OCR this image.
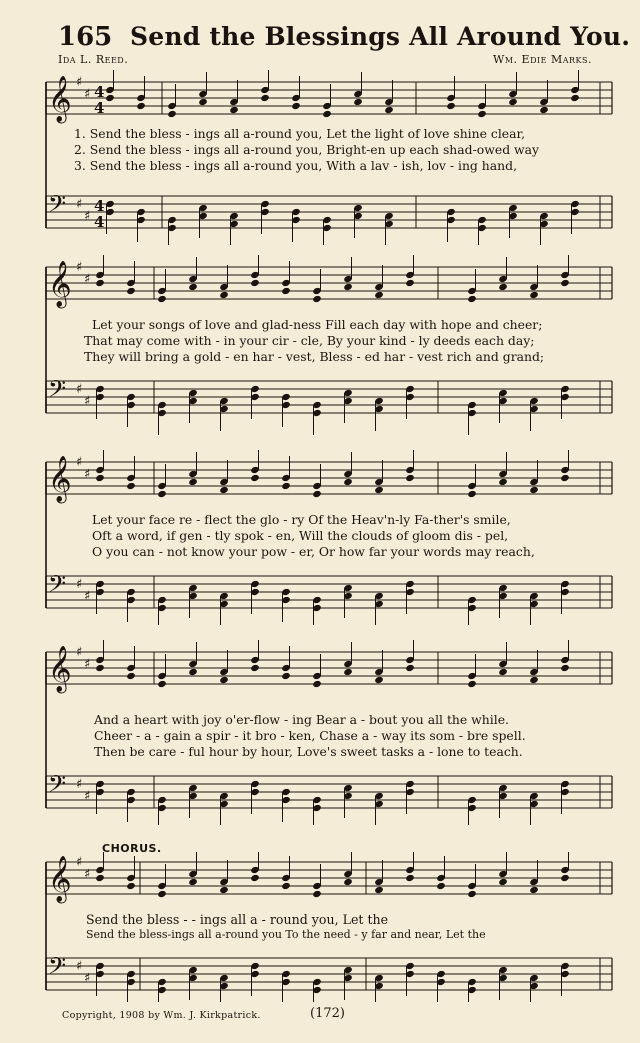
165 Send the Blessings All Around You.
Ida L. Reed.	Wm. Edie Marks.
𝄞 ♯
♯ 4
4
𝄢 ♯
♯
4
4
1. Send the bless - ings all a-round you, Let the light of love shine clear,
2. Send the bless - ings all a-round you, Bright-en up each shad-owed way
3. Send the bless - ings all a-round you, With a lav - ish, lov - ing hand,
𝄞 ♯
♯
𝄢 ♯
♯
Let your songs of love and glad-ness Fill each day with hope and cheer;
That may come with - in your cir - cle, By your kind - ly deeds each day;
They will bring a gold - en har - vest, Bless - ed har - vest rich and grand;
𝄞 ♯
♯
𝄢 ♯
♯
Let your face re - flect the glo - ry Of the Heav'n-ly Fa-ther's smile,
Oft a word, if gen - tly spok - en, Will the clouds of gloom dis - pel,
O you can - not know your pow - er, Or how far your words may reach,
𝄞 ♯
♯
𝄢 ♯
♯
And a heart with joy o'er-flow - ing Bear a - bout you all the while.
Cheer - a - gain a spir - it bro - ken, Chase a - way its som - bre spell.
Then be care - ful hour by hour, Love's sweet tasks a - lone to teach.
CHORUS.
𝄞 ♯
♯
𝄢 ♯
♯
Send the bless - - ings all a - round you, Let the
Send the bless-ings all a-round you To the need - y far and near, Let the
Copyright, 1908 by Wm. J. Kirkpatrick.	(172)
